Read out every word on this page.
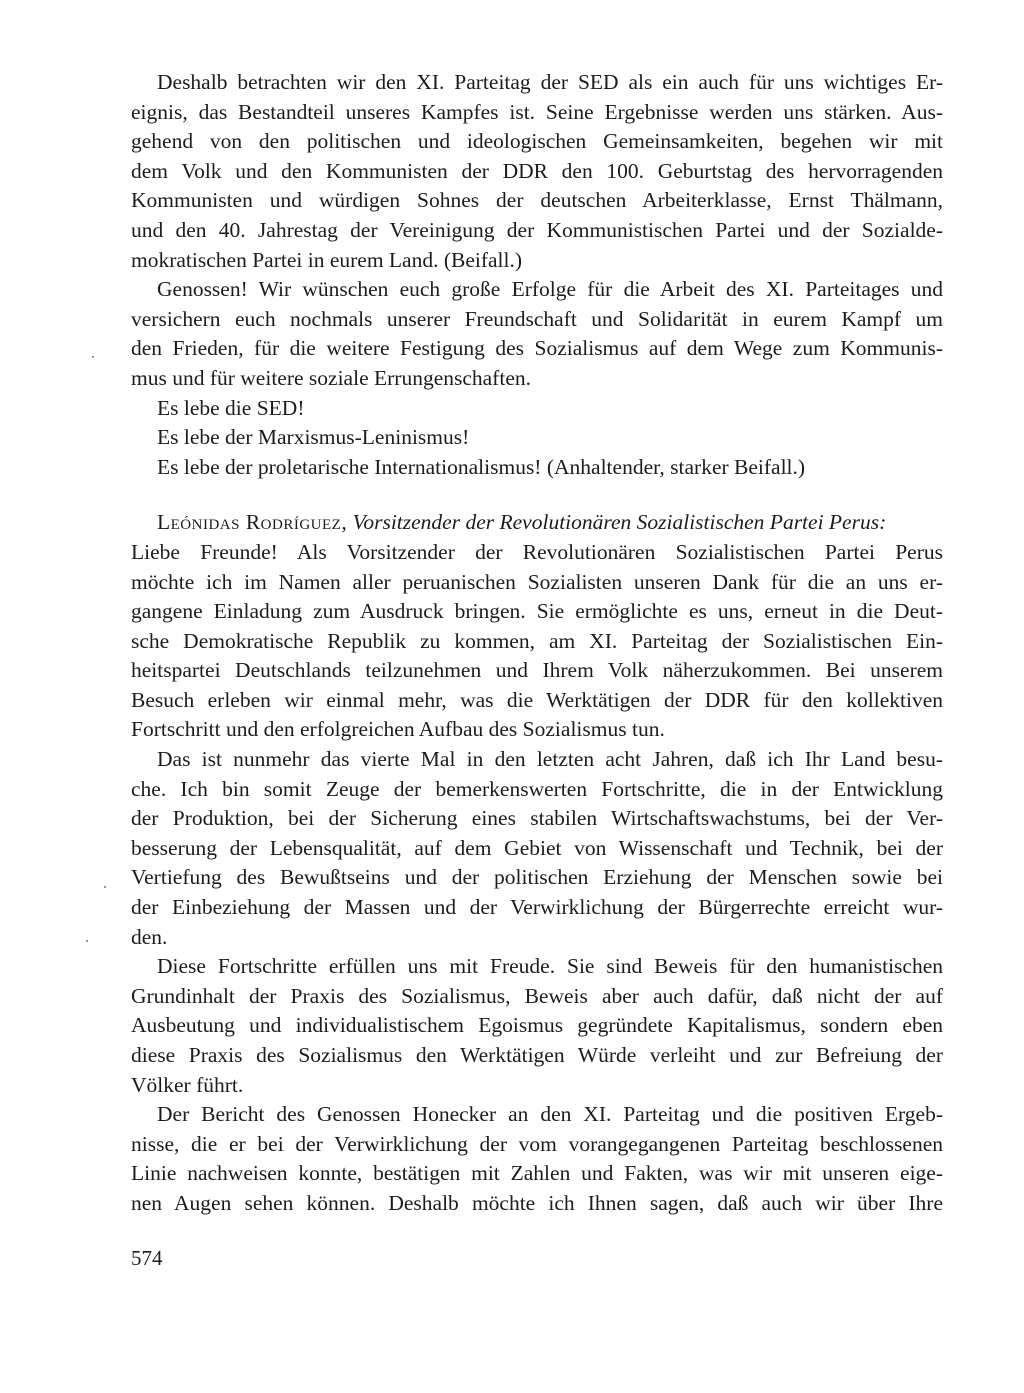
Deshalb betrachten wir den XI. Parteitag der SED als ein auch für uns wichtiges Er-
eignis, das Bestandteil unseres Kampfes ist. Seine Ergebnisse werden uns stärken. Aus-
gehend von den politischen und ideologischen Gemeinsamkeiten, begehen wir mit
dem Volk und den Kommunisten der DDR den 100. Geburtstag des hervorragenden
Kommunisten und würdigen Sohnes der deutschen Arbeiterklasse, Ernst Thälmann,
und den 40. Jahrestag der Vereinigung der Kommunistischen Partei und der Sozialde-
mokratischen Partei in eurem Land. (Beifall.)

Genossen! Wir wünschen euch große Erfolge für die Arbeit des XI. Parteitages und
versichern euch nochmals unserer Freundschaft und Solidarität in eurem Kampf um
den Frieden, für die weitere Festigung des Sozialismus auf dem Wege zum Kommunis-
mus und für weitere soziale Errungenschaften.

Es lebe die SED!
Es lebe der Marxismus-Leninismus!
Es lebe der proletarische Internationalismus! (Anhaltender, starker Beifall.)

Leónidas Rodríguez, Vorsitzender der Revolutionären Sozialistischen Partei Perus:

Liebe Freunde! Als Vorsitzender der Revolutionären Sozialistischen Partei Perus
möchte ich im Namen aller peruanischen Sozialisten unseren Dank für die an uns er-
gangene Einladung zum Ausdruck bringen. Sie ermöglichte es uns, erneut in die Deut-
sche Demokratische Republik zu kommen, am XI. Parteitag der Sozialistischen Ein-
heitspartei Deutschlands teilzunehmen und Ihrem Volk näherzukommen. Bei unserem
Besuch erleben wir einmal mehr, was die Werktätigen der DDR für den kollektiven
Fortschritt und den erfolgreichen Aufbau des Sozialismus tun.

Das ist nunmehr das vierte Mal in den letzten acht Jahren, daß ich Ihr Land besu-
che. Ich bin somit Zeuge der bemerkenswerten Fortschritte, die in der Entwicklung
der Produktion, bei der Sicherung eines stabilen Wirtschaftswachstums, bei der Ver-
besserung der Lebensqualität, auf dem Gebiet von Wissenschaft und Technik, bei der
Vertiefung des Bewußtseins und der politischen Erziehung der Menschen sowie bei
der Einbeziehung der Massen und der Verwirklichung der Bürgerrechte erreicht wur-
den.

Diese Fortschritte erfüllen uns mit Freude. Sie sind Beweis für den humanistischen
Grundinhalt der Praxis des Sozialismus, Beweis aber auch dafür, daß nicht der auf
Ausbeutung und individualistischem Egoismus gegründete Kapitalismus, sondern eben
diese Praxis des Sozialismus den Werktätigen Würde verleiht und zur Befreiung der
Völker führt.

Der Bericht des Genossen Honecker an den XI. Parteitag und die positiven Ergeb-
nisse, die er bei der Verwirklichung der vom vorangegangenen Parteitag beschlossenen
Linie nachweisen konnte, bestätigen mit Zahlen und Fakten, was wir mit unseren eige-
nen Augen sehen können. Deshalb möchte ich Ihnen sagen, daß auch wir über Ihre

574
